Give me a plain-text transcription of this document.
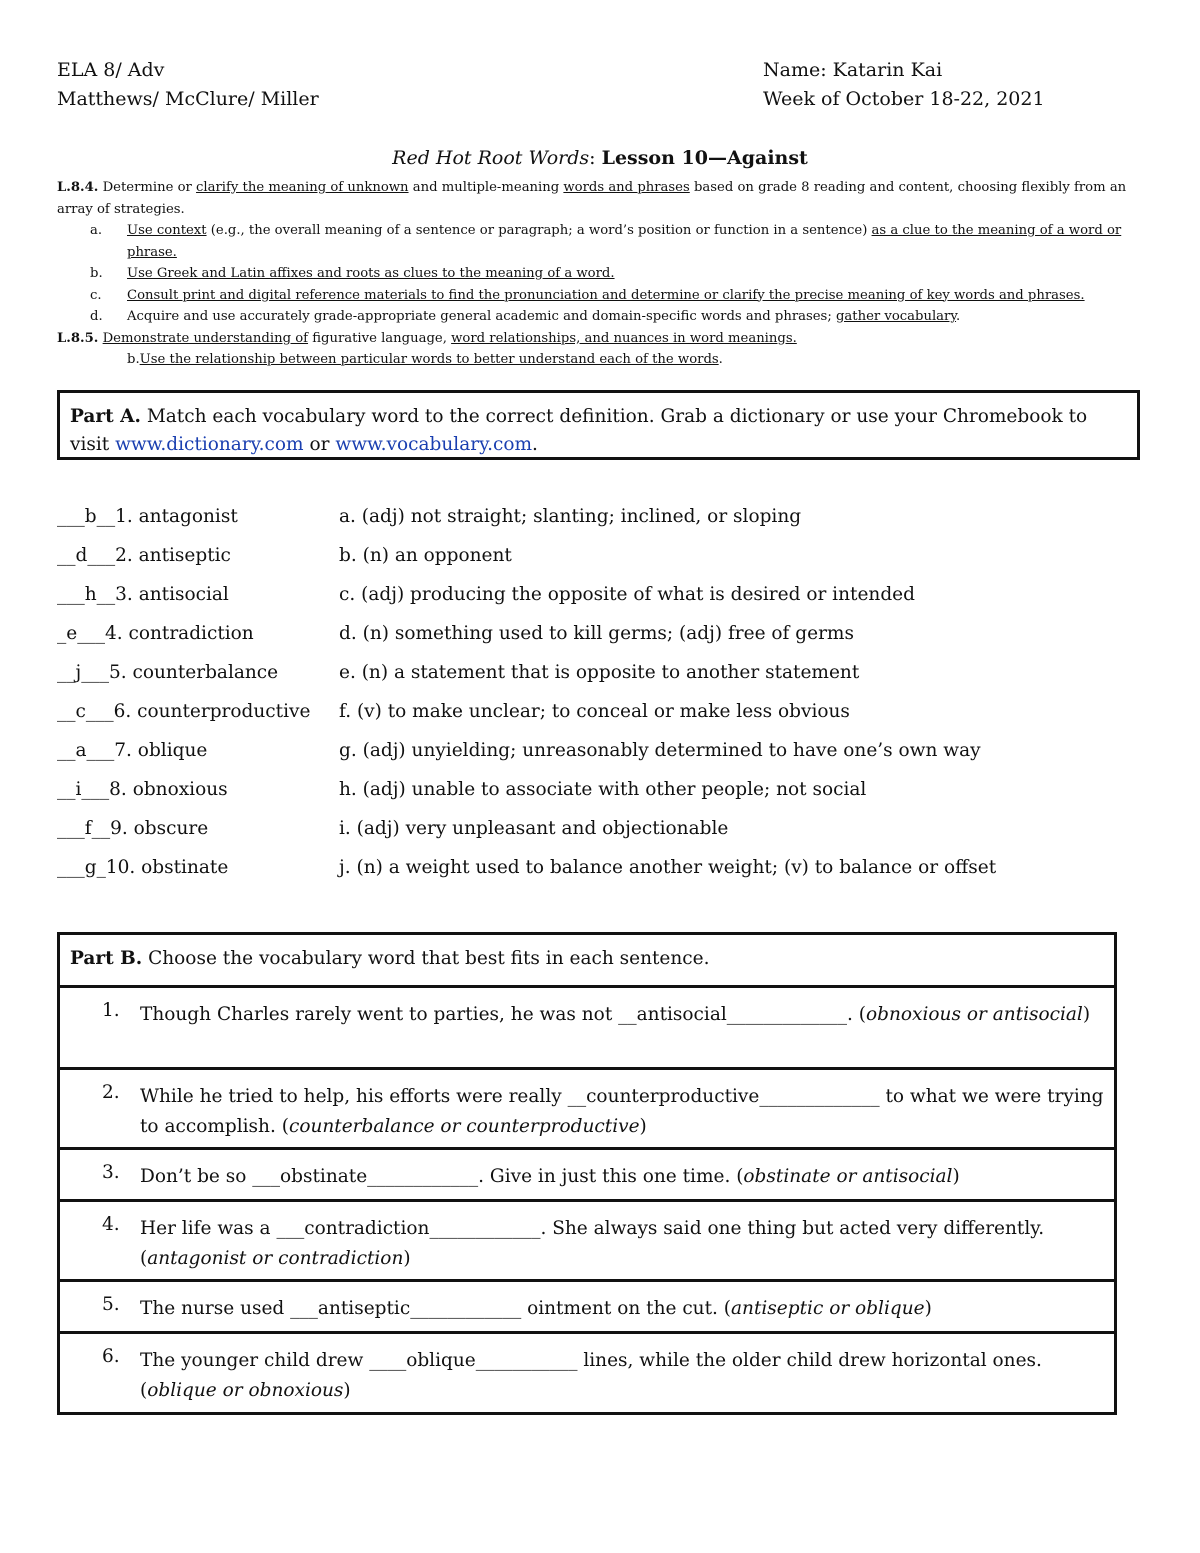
ELA 8/ Adv
Matthews/ McClure/ Miller
Name: Katarin Kai
Week of October 18-22, 2021
Red Hot Root Words: Lesson 10—Against
L.8.4. Determine or clarify the meaning of unknown and multiple-meaning words and phrases based on grade 8 reading and content, choosing flexibly from an array of strategies.
a. Use context (e.g., the overall meaning of a sentence or paragraph; a word’s position or function in a sentence) as a clue to the meaning of a word or phrase.
b. Use Greek and Latin affixes and roots as clues to the meaning of a word.
c. Consult print and digital reference materials to find the pronunciation and determine or clarify the precise meaning of key words and phrases.
d. Acquire and use accurately grade-appropriate general academic and domain-specific words and phrases; gather vocabulary.
L.8.5. Demonstrate understanding of figurative language, word relationships, and nuances in word meanings.
b.Use the relationship between particular words to better understand each of the words.
Part A. Match each vocabulary word to the correct definition. Grab a dictionary or use your Chromebook to visit www.dictionary.com or www.vocabulary.com.
___b__1. antagonist	a. (adj) not straight; slanting; inclined, or sloping
__d___2. antiseptic	b. (n) an opponent
___h__3. antisocial	c. (adj) producing the opposite of what is desired or intended
_e___4. contradiction	d. (n) something used to kill germs; (adj) free of germs
__j___5. counterbalance	e. (n) a statement that is opposite to another statement
__c___6. counterproductive f. (v) to make unclear; to conceal or make less obvious
__a___7. oblique	g. (adj) unyielding; unreasonably determined to have one’s own way
__i___8. obnoxious	h. (adj) unable to associate with other people; not social
___f__9. obscure	i. (adj) very unpleasant and objectionable
___g_10. obstinate	j. (n) a weight used to balance another weight; (v) to balance or offset
Part B. Choose the vocabulary word that best fits in each sentence.
1. Though Charles rarely went to parties, he was not __antisocial_____________. (obnoxious or antisocial)
2. While he tried to help, his efforts were really __counterproductive_____________ to what we were trying to accomplish. (counterbalance or counterproductive)
3. Don’t be so ___obstinate____________. Give in just this one time. (obstinate or antisocial)
4. Her life was a ___contradiction____________. She always said one thing but acted very differently. (antagonist or contradiction)
5. The nurse used ___antiseptic____________ ointment on the cut. (antiseptic or oblique)
6. The younger child drew ____oblique___________ lines, while the older child drew horizontal ones. (oblique or obnoxious)
